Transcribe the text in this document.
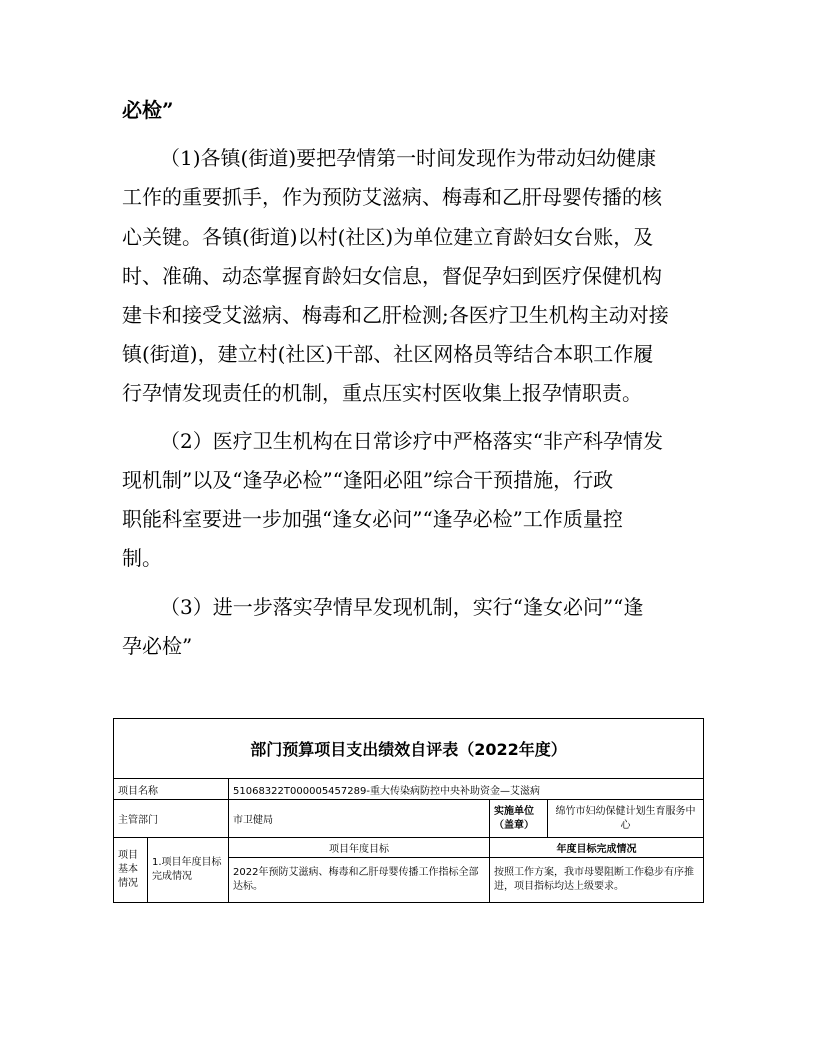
必检”
（1)各镇(街道)要把孕情第一时间发现作为带动妇幼健康
工作的重要抓手，作为预防艾滋病、梅毒和乙肝母婴传播的核
心关键。各镇(街道)以村(社区)为单位建立育龄妇女台账，及
时、准确、动态掌握育龄妇女信息，督促孕妇到医疗保健机构
建卡和接受艾滋病、梅毒和乙肝检测;各医疗卫生机构主动对接
镇(街道)，建立村(社区)干部、社区网格员等结合本职工作履
行孕情发现责任的机制，重点压实村医收集上报孕情职责。
（2）医疗卫生机构在日常诊疗中严格落实“非产科孕情发
现机制”以及“逢孕必检”“逢阳必阻”综合干预措施，行政
职能科室要进一步加强“逢女必问”“逢孕必检”工作质量控
制。
（3）进一步落实孕情早发现机制，实行“逢女必问”“逢
孕必检”
部门预算项目支出绩效自评表（2022年度）				
项目名称		51068322T000005457289-重大传染病防控中央补助资金—艾滋病		
主管部门		市卫健局	实施单位（盖章）	绵竹市妇幼保健计划生育服务中心
项目基本情况	1.项目年度目标完成情况	项目年度目标	年度目标完成情况	
		2022年预防艾滋病、梅毒和乙肝母婴传播工作指标全部达标。	按照工作方案，我市母婴阻断工作稳步有序推进，项目指标均达上级要求。	
